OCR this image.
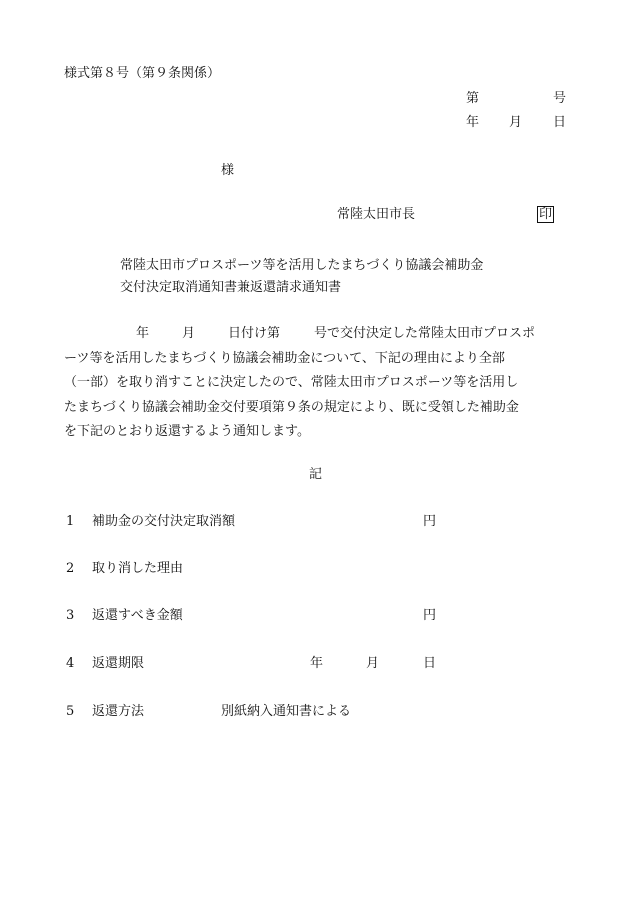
様式第８号（第９条関係）
第	号
年 月 日
様
常陸太田市長	印
常陸太田市プロスポーツ等を活用したまちづくり協議会補助金
交付決定取消通知書兼返還請求通知書

年	月	日付け第	号で交付決定した常陸太田市プロスポ

ーツ等を活用したまちづくり協議会補助金について、下記の理由により全部

（一部）を取り消すことに決定したので、常陸太田市プロスポーツ等を活用し

たまちづくり協議会補助金交付要項第９条の規定により、既に受領した補助金

を下記のとおり返還するよう通知します。

記
1 補助金の交付決定取消額	円
2 取り消した理由
3 返還すべき金額	円
4 返還期限	年	月	日
5 返還方法	別紙納入通知書による
